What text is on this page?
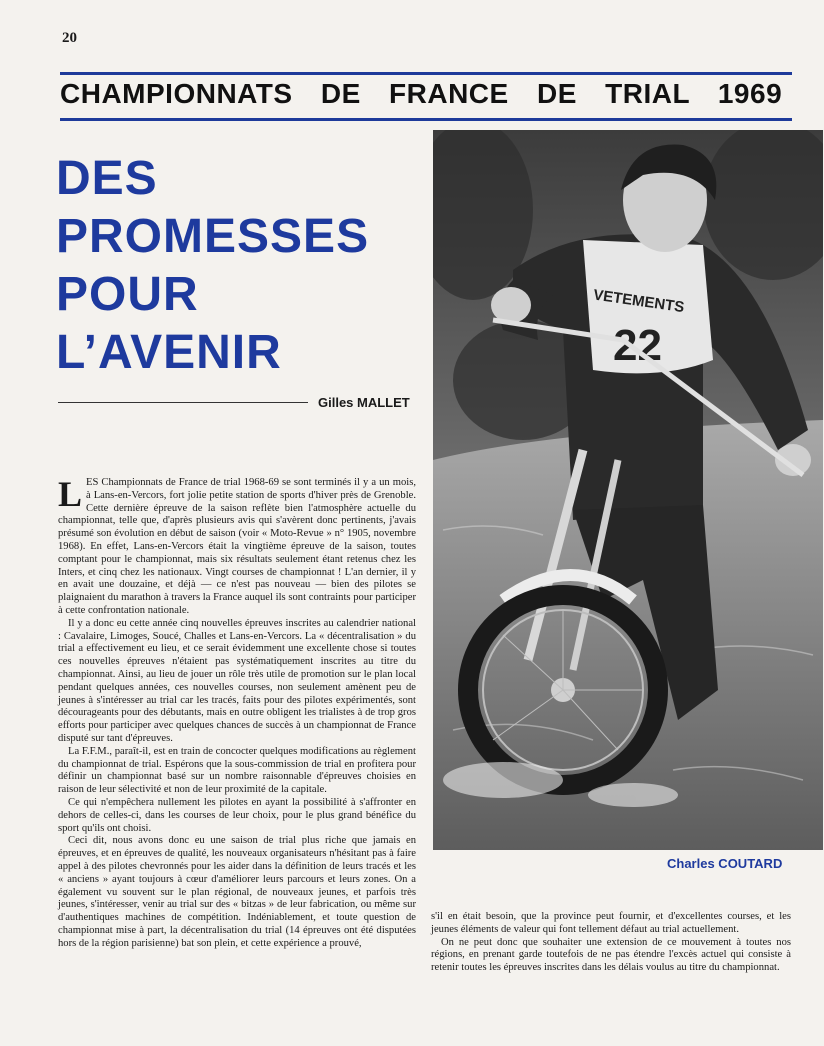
20
CHAMPIONNATS DE FRANCE DE TRIAL 1969
DES
PROMESSES
POUR
L’AVENIR
Gilles MALLET
VETEMENTS
22
Charles COUTARD

LES Championnats de France de trial 1968-69 se sont terminés il y a un mois, à Lans-en-Vercors, fort jolie petite station de sports d'hiver près de Grenoble. Cette dernière épreuve de la saison reflète bien l'atmosphère actuelle du championnat, telle que, d'après plusieurs avis qui s'avèrent donc pertinents, j'avais présumé son évolution en début de saison (voir « Moto-Revue » n° 1905, novembre 1968). En effet, Lans-en-Vercors était la vingtième épreuve de la saison, toutes comptant pour le championnat, mais six résultats seulement étant retenus chez les Inters, et cinq chez les nationaux. Vingt courses de championnat ! L'an dernier, il y en avait une douzaine, et déjà — ce n'est pas nouveau — bien des pilotes se plaignaient du marathon à travers la France auquel ils sont contraints pour participer à cette confrontation nationale.

Il y a donc eu cette année cinq nouvelles épreuves inscrites au calendrier national : Cavalaire, Limoges, Soucé, Challes et Lans-en-Vercors. La « décentralisation » du trial a effectivement eu lieu, et ce serait évidemment une excellente chose si toutes ces nouvelles épreuves n'étaient pas systématiquement inscrites au titre du championnat. Ainsi, au lieu de jouer un rôle très utile de promotion sur le plan local pendant quelques années, ces nouvelles courses, non seulement amènent peu de jeunes à s'intéresser au trial car les tracés, faits pour des pilotes expérimentés, sont décourageants pour des débutants, mais en outre obligent les trialistes à de trop gros efforts pour participer avec quelques chances de succès à un championnat de France disputé sur tant d'épreuves.

La F.F.M., paraît-il, est en train de concocter quelques modifications au règlement du championnat de trial. Espérons que la sous-commission de trial en profitera pour définir un championnat basé sur un nombre raisonnable d'épreuves choisies en raison de leur sélectivité et non de leur proximité de la capitale.

Ce qui n'empêchera nullement les pilotes en ayant la possibilité à s'affronter en dehors de celles-ci, dans les courses de leur choix, pour le plus grand bénéfice du sport qu'ils ont choisi.

Ceci dit, nous avons donc eu une saison de trial plus riche que jamais en épreuves, et en épreuves de qualité, les nouveaux organisateurs n'hésitant pas à faire appel à des pilotes chevronnés pour les aider dans la définition de leurs tracés et les « anciens » ayant toujours à cœur d'améliorer leurs parcours et leurs zones. On a également vu souvent sur le plan régional, de nouveaux jeunes, et parfois très jeunes, s'intéresser, venir au trial sur des « bitzas » de leur fabrication, ou même sur d'authentiques machines de compétition. Indéniablement, et toute question de championnat mise à part, la décentralisation du trial (14 épreuves ont été disputées hors de la région parisienne) bat son plein, et cette expérience a prouvé,

s'il en était besoin, que la province peut fournir, et d'excellentes courses, et les jeunes éléments de valeur qui font tellement défaut au trial actuellement.

On ne peut donc que souhaiter une extension de ce mouvement à toutes nos régions, en prenant garde toutefois de ne pas étendre l'excès actuel qui consiste à retenir toutes les épreuves inscrites dans les délais voulus au titre du championnat.
